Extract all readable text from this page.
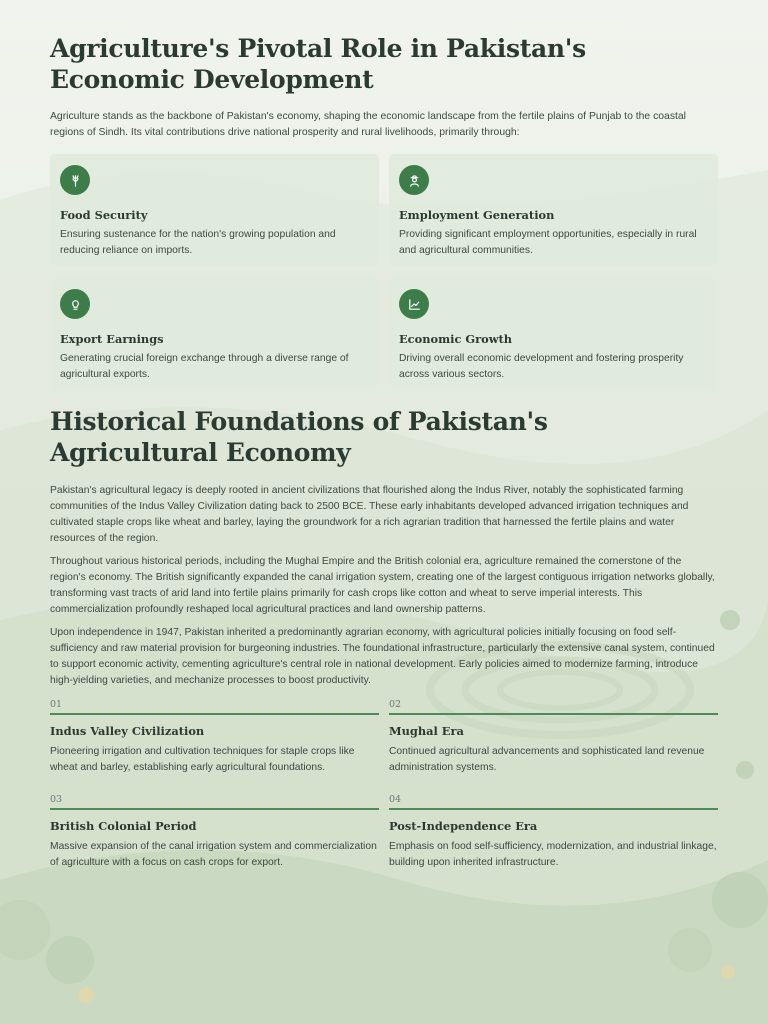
Agriculture's Pivotal Role in Pakistan's Economic Development

Agriculture stands as the backbone of Pakistan's economy, shaping the economic landscape from the fertile plains of Punjab to the coastal regions of Sindh. Its vital contributions drive national prosperity and rural livelihoods, primarily through:

Food Security
Ensuring sustenance for the nation's growing population and reducing reliance on imports.
Employment Generation
Providing significant employment opportunities, especially in rural and agricultural communities.
Export Earnings
Generating crucial foreign exchange through a diverse range of agricultural exports.
Economic Growth
Driving overall economic development and fostering prosperity across various sectors.
Historical Foundations of Pakistan's Agricultural Economy

Pakistan's agricultural legacy is deeply rooted in ancient civilizations that flourished along the Indus River, notably the sophisticated farming communities of the Indus Valley Civilization dating back to 2500 BCE. These early inhabitants developed advanced irrigation techniques and cultivated staple crops like wheat and barley, laying the groundwork for a rich agrarian tradition that harnessed the fertile plains and water resources of the region.

Throughout various historical periods, including the Mughal Empire and the British colonial era, agriculture remained the cornerstone of the region's economy. The British significantly expanded the canal irrigation system, creating one of the largest contiguous irrigation networks globally, transforming vast tracts of arid land into fertile plains primarily for cash crops like cotton and wheat to serve imperial interests. This commercialization profoundly reshaped local agricultural practices and land ownership patterns.

Upon independence in 1947, Pakistan inherited a predominantly agrarian economy, with agricultural policies initially focusing on food self-sufficiency and raw material provision for burgeoning industries. The foundational infrastructure, particularly the extensive canal system, continued to support economic activity, cementing agriculture's central role in national development. Early policies aimed to modernize farming, introduce high-yielding varieties, and mechanize processes to boost productivity.

01
Indus Valley Civilization
Pioneering irrigation and cultivation techniques for staple crops like wheat and barley, establishing early agricultural foundations.
02
Mughal Era
Continued agricultural advancements and sophisticated land revenue administration systems.
03
British Colonial Period
Massive expansion of the canal irrigation system and commercialization of agriculture with a focus on cash crops for export.
04
Post-Independence Era
Emphasis on food self-sufficiency, modernization, and industrial linkage, building upon inherited infrastructure.
